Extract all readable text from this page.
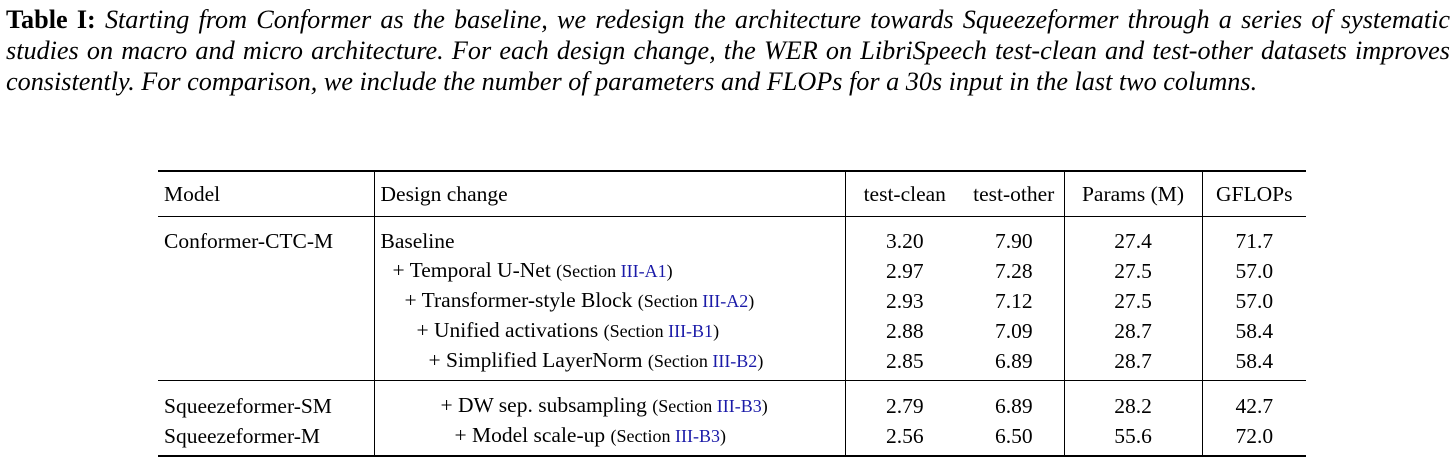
Table I: Starting from Conformer as the baseline, we redesign the architecture towards Squeezeformer through a series of systematic studies on macro and micro architecture. For each design change, the WER on LibriSpeech test-clean and test-other datasets improves consistently. For comparison, we include the number of parameters and FLOPs for a 30s input in the last two columns.
Model	Design change	test-clean	test-other	Params (M)	GFLOPs
Conformer-CTC-M	Baseline	3.20	7.90	27.4	71.7
	+ Temporal U-Net (Section III-A1)	2.97	7.28	27.5	57.0
	+ Transformer-style Block (Section III-A2)	2.93	7.12	27.5	57.0
	+ Unified activations (Section III-B1)	2.88	7.09	28.7	58.4
	+ Simplified LayerNorm (Section III-B2)	2.85	6.89	28.7	58.4
Squeezeformer-SM	+ DW sep. subsampling (Section III-B3)	2.79	6.89	28.2	42.7
Squeezeformer-M	+ Model scale-up (Section III-B3)	2.56	6.50	55.6	72.0
